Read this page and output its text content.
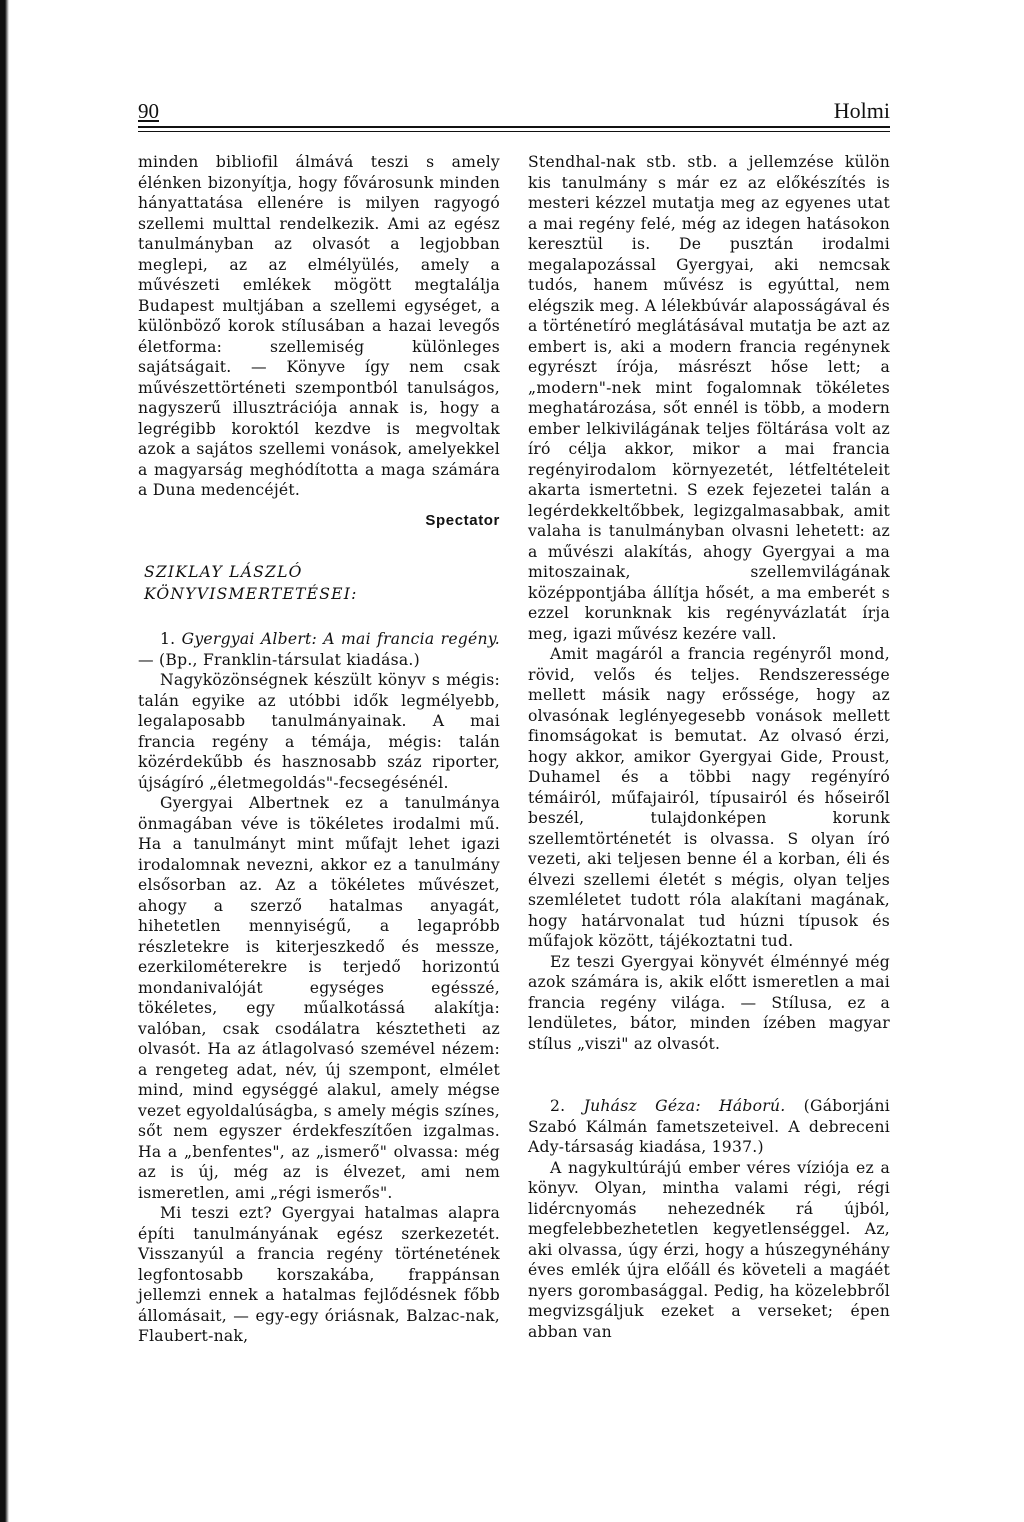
90	Holmi

minden bibliofil álmává teszi s amely élénken bizonyítja, hogy fővárosunk minden hányattatása ellenére is milyen ragyogó szellemi multtal rendelkezik. Ami az egész tanulmányban az olvasót a legjobban meglepi, az az elmélyülés, amely a művészeti emlékek mögött megtalálja Budapest multjában a szellemi egységet, a különböző korok stílusában a hazai levegős életforma: szellemiség különleges sajátságait. — Könyve így nem csak művészettörténeti szempontból tanulságos, nagyszerű illusztrációja annak is, hogy a legrégibb koroktól kezdve is megvoltak azok a sajátos szellemi vonások, amelyekkel a magyarság meghódította a maga számára a Duna medencéjét.

Spectator
SZIKLAY LÁSZLÓ
KÖNYVISMERTETÉSEI:

1. Gyergyai Albert: A mai francia regény. — (Bp., Franklin-társulat kiadása.)

Nagyközönségnek készült könyv s mégis: talán egyike az utóbbi idők legmélyebb, legalaposabb tanulmányainak. A mai francia regény a témája, mégis: talán közérdekűbb és hasznosabb száz riporter, újságíró „életmegoldás"-fecsegésénél.

Gyergyai Albertnek ez a tanulmánya önmagában véve is tökéletes irodalmi mű. Ha a tanulmányt mint műfajt lehet igazi irodalomnak nevezni, akkor ez a tanulmány elsősorban az. Az a tökéletes művészet, ahogy a szerző hatalmas anyagát, hihetetlen mennyiségű, a legapróbb részletekre is kiterjeszkedő és messze, ezerkilométerekre is terjedő horizontú mondanivalóját egységes egésszé, tökéletes, egy műalkotássá alakítja: valóban, csak csodálatra késztetheti az olvasót. Ha az átlagolvasó szemével nézem: a rengeteg adat, név, új szempont, elmélet mind, mind egységgé alakul, amely mégse vezet egyoldalúságba, s amely mégis színes, sőt nem egyszer érdekfeszítően izgalmas. Ha a „benfentes", az „ismerő" olvassa: még az is új, még az is élvezet, ami nem ismeretlen, ami „régi ismerős".

Mi teszi ezt? Gyergyai hatalmas alapra építi tanulmányának egész szerkezetét. Visszanyúl a francia regény történetének legfontosabb korszakába, frappánsan jellemzi ennek a hatalmas fejlődésnek főbb állomásait, — egy-egy óriásnak, Balzac-nak, Flaubert-nak,

Stendhal-nak stb. stb. a jellemzése külön kis tanulmány s már ez az előkészítés is mesteri kézzel mutatja meg az egyenes utat a mai regény felé, még az idegen hatásokon keresztül is. De pusztán irodalmi megalapozással Gyergyai, aki nemcsak tudós, hanem művész is egyúttal, nem elégszik meg. A lélekbúvár alaposságával és a történetíró meglátásával mutatja be azt az embert is, aki a modern francia regénynek egyrészt írója, másrészt hőse lett; a „modern"-nek mint fogalomnak tökéletes meghatározása, sőt ennél is több, a modern ember lelkivilágának teljes föltárása volt az író célja akkor, mikor a mai francia regényirodalom környezetét, létfeltételeit akarta ismertetni. S ezek fejezetei talán a legérdekkeltőbbek, legizgalmasabbak, amit valaha is tanulmányban olvasni lehetett: az a művészi alakítás, ahogy Gyergyai a ma mitoszainak, szellemvilágának középpontjába állítja hősét, a ma emberét s ezzel korunknak kis regényvázlatát írja meg, igazi művész kezére vall.

Amit magáról a francia regényről mond, rövid, velős és teljes. Rendszeressége mellett másik nagy erőssége, hogy az olvasónak leglényegesebb vonások mellett finomságokat is bemutat. Az olvasó érzi, hogy akkor, amikor Gyergyai Gide, Proust, Duhamel és a többi nagy regényíró témáiról, műfajairól, típusairól és hőseiről beszél, tulajdonképen korunk szellemtörténetét is olvassa. S olyan író vezeti, aki teljesen benne él a korban, éli és élvezi szellemi életét s mégis, olyan teljes szemléletet tudott róla alakítani magának, hogy határvonalat tud húzni típusok és műfajok között, tájékoztatni tud.

Ez teszi Gyergyai könyvét élménnyé még azok számára is, akik előtt ismeretlen a mai francia regény világa. — Stílusa, ez a lendületes, bátor, minden ízében magyar stílus „viszi" az olvasót.

2. Juhász Géza: Háború. (Gáborjáni Szabó Kálmán fametszeteivel. A debreceni Ady-társaság kiadása, 1937.)

A nagykultúrájú ember véres víziója ez a könyv. Olyan, mintha valami régi, régi lidércnyomás nehezednék rá újból, megfelebbezhetetlen kegyetlenséggel. Az, aki olvassa, úgy érzi, hogy a húszegynéhány éves emlék újra előáll és követeli a magáét nyers gorombasággal. Pedig, ha közelebbről megvizsgáljuk ezeket a verseket; épen abban van
